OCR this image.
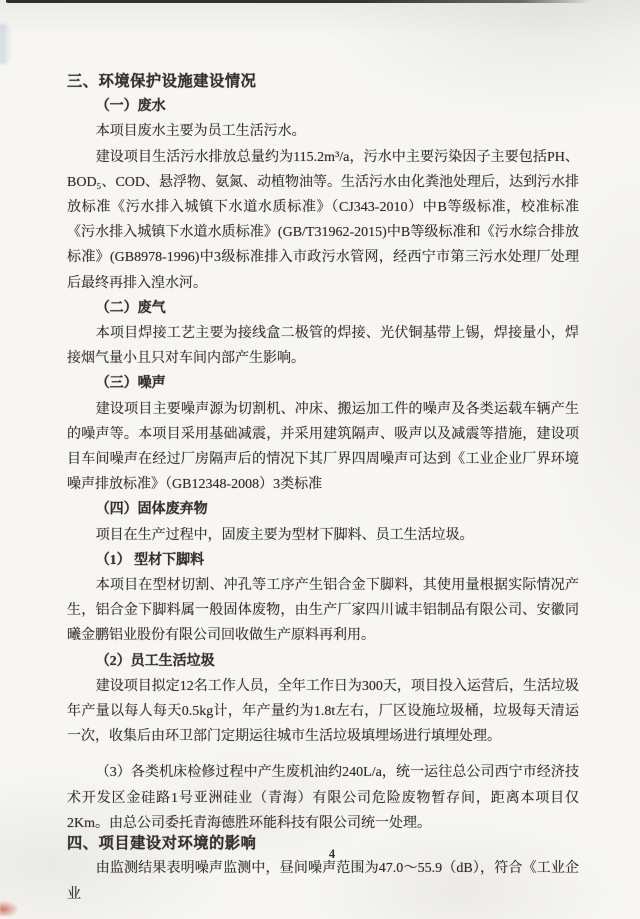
三、环境保护设施建设情况

（一）废水

本项目废水主要为员工生活污水。

建设项目生活污水排放总量约为115.2m³/a，污水中主要污染因子主要包括PH、BOD₅、COD、悬浮物、氨氮、动植物油等。生活污水由化粪池处理后，达到污水排放标准《污水排入城镇下水道水质标准》（CJ343-2010）中B等级标准，校准标准《污水排入城镇下水道水质标准》(GB/T31962-2015)中B等级标准和《污水综合排放标准》(GB8978-1996)中3级标准排入市政污水管网，经西宁市第三污水处理厂处理后最终再排入湟水河。

（二）废气

本项目焊接工艺主要为接线盒二极管的焊接、光伏铜基带上锡，焊接量小，焊接烟气量小且只对车间内部产生影响。

（三）噪声

建设项目主要噪声源为切割机、冲床、搬运加工件的噪声及各类运载车辆产生的噪声等。本项目采用基础减震，并采用建筑隔声、吸声以及减震等措施，建设项目车间噪声在经过厂房隔声后的情况下其厂界四周噪声可达到《工业企业厂界环境噪声排放标准》（GB12348-2008）3类标准

（四）固体废弃物

项目在生产过程中，固废主要为型材下脚料、员工生活垃圾。

（1） 型材下脚料

本项目在型材切割、冲孔等工序产生铝合金下脚料，其使用量根据实际情况产生，铝合金下脚料属一般固体废物，由生产厂家四川诚丰铝制品有限公司、安徽同曦金鹏铝业股份有限公司回收做生产原料再利用。

（2）员工生活垃圾

建设项目拟定12名工作人员，全年工作日为300天，项目投入运营后，生活垃圾年产量以每人每天0.5kg计，年产量约为1.8t左右，厂区设施垃圾桶，垃圾每天清运一次，收集后由环卫部门定期运往城市生活垃圾填埋场进行填埋处理。

（3）各类机床检修过程中产生废机油约240L/a，统一运往总公司西宁市经济技术开发区金硅路1号亚洲硅业（青海）有限公司危险废物暂存间，距离本项目仅2Km。由总公司委托青海德胜环能科技有限公司统一处理。

四、项目建设对环境的影响

由监测结果表明噪声监测中，昼间噪声范围为47.0～55.9（dB），符合《工业企业

4
